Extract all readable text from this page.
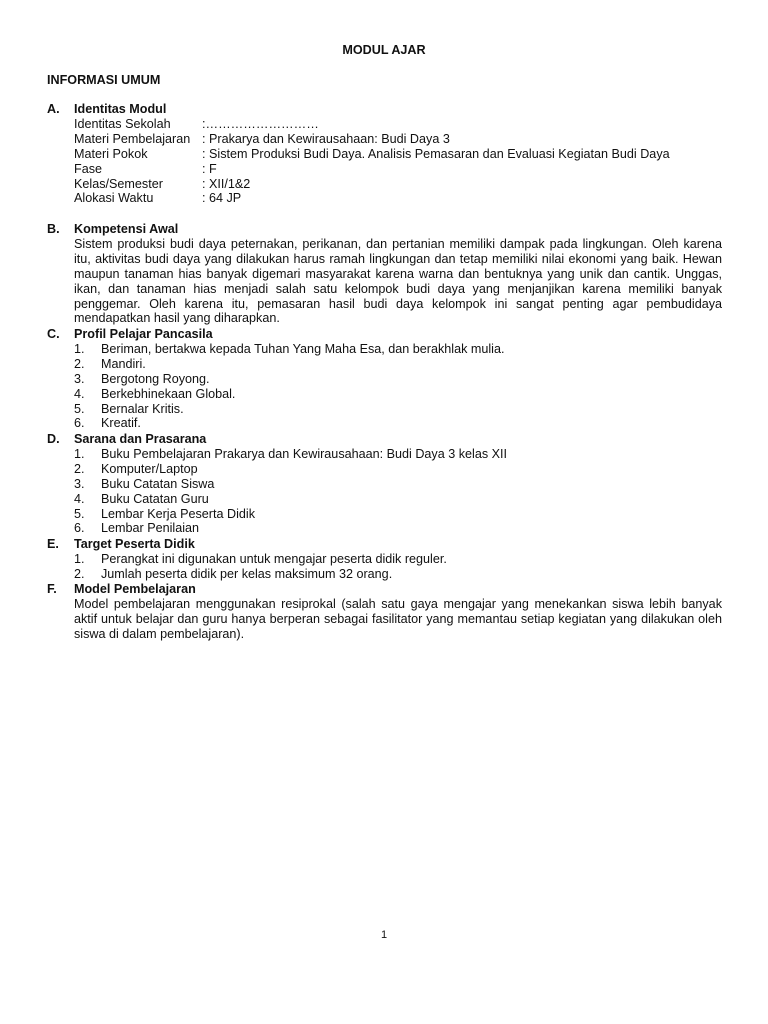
MODUL AJAR
INFORMASI UMUM
A.	Identitas Modul
Identitas Sekolah	:………………………
Materi Pembelajaran : Prakarya dan Kewirausahaan: Budi Daya 3
Materi Pokok	: Sistem Produksi Budi Daya. Analisis Pemasaran dan Evaluasi Kegiatan Budi Daya
Fase	: F
Kelas/Semester	: XII/1&2
Alokasi Waktu	: 64 JP
B.	Kompetensi Awal
Sistem produksi budi daya peternakan, perikanan, dan pertanian memiliki dampak pada lingkungan. Oleh karena itu, aktivitas budi daya yang dilakukan harus ramah lingkungan dan tetap memiliki nilai ekonomi yang baik. Hewan maupun tanaman hias banyak digemari masyarakat karena warna dan bentuknya yang unik dan cantik. Unggas, ikan, dan tanaman hias menjadi salah satu kelompok budi daya yang menjanjikan karena memiliki banyak penggemar. Oleh karena itu, pemasaran hasil budi daya kelompok ini sangat penting agar pembudidaya mendapatkan hasil yang diharapkan.
C.	Profil Pelajar Pancasila
1.	Beriman, bertakwa kepada Tuhan Yang Maha Esa, dan berakhlak mulia.
2.	Mandiri.
3.	Bergotong Royong.
4.	Berkebhinekaan Global.
5.	Bernalar Kritis.
6.	Kreatif.
D.	Sarana dan Prasarana
1.	Buku Pembelajaran Prakarya dan Kewirausahaan: Budi Daya 3 kelas XII
2.	Komputer/Laptop
3.	Buku Catatan Siswa
4.	Buku Catatan Guru
5.	Lembar Kerja Peserta Didik
6.	Lembar Penilaian
E.	Target Peserta Didik
1.	Perangkat ini digunakan untuk mengajar peserta didik reguler.
2.	Jumlah peserta didik per kelas maksimum 32 orang.
F.	Model Pembelajaran
Model pembelajaran menggunakan resiprokal (salah satu gaya mengajar yang menekankan siswa lebih banyak aktif untuk belajar dan guru hanya berperan sebagai fasilitator yang memantau setiap kegiatan yang dilakukan oleh siswa di dalam pembelajaran).
1
